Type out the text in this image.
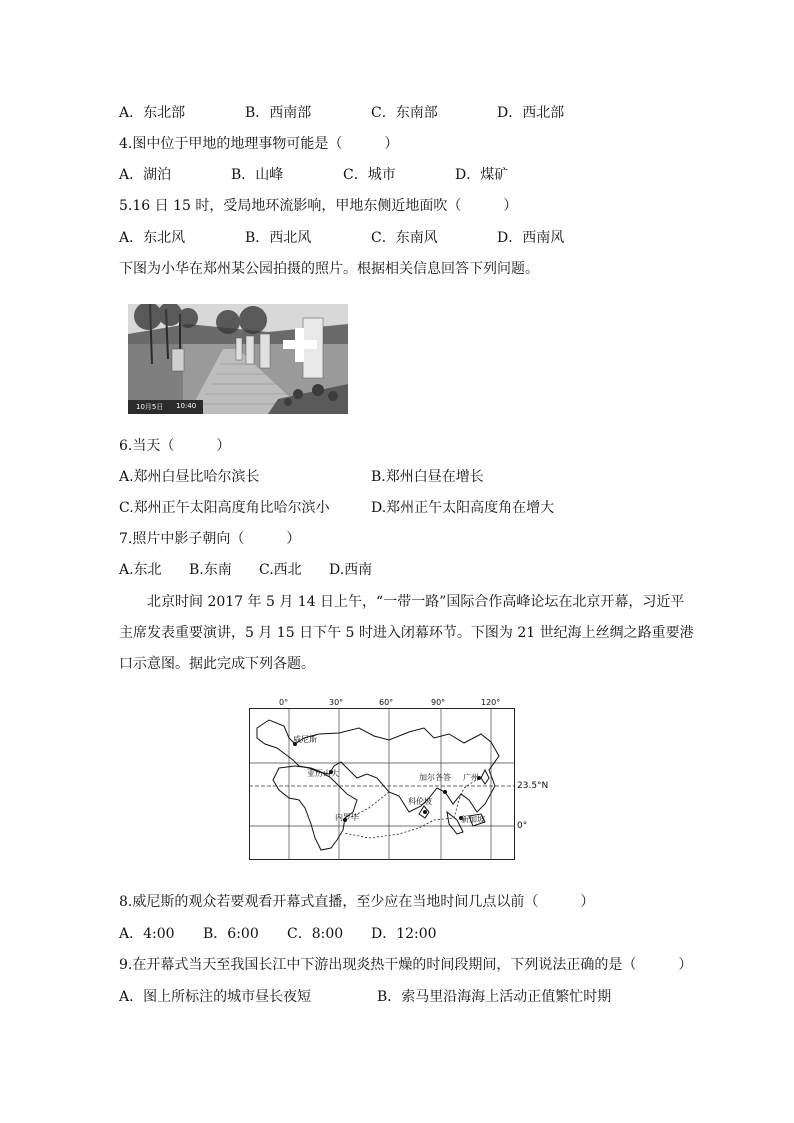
A．东北部	B．西南部	C．东南部	D．西北部
4.图中位于甲地的地理事物可能是（　　　）
A．湖泊	B．山峰	C．城市	D．煤矿
5.16 日 15 时，受局地环流影响，甲地东侧近地面吹（　　　）
A．东北风	B．西北风	C．东南风	D．西南风
下图为小华在郑州某公园拍摄的照片。根据相关信息回答下列问题。
10月5日 10:40
6.当天（　　　）
A.郑州白昼比哈尔滨长	B.郑州白昼在增长
C.郑州正午太阳高度角比哈尔滨小	D.郑州正午太阳高度角在增大
7.照片中影子朝向（　　　）
A.东北 B.东南 C.西北 D.西南
北京时间 2017 年 5 月 14 日上午，“一带一路”国际合作高峰论坛在北京开幕，习近平
主席发表重要演讲，5 月 15 日下午 5 时进入闭幕环节。下图为 21 世纪海上丝绸之路重要港
口示意图。据此完成下列各题。
威尼斯
亚历山大	加尔各答 广州
科伦坡
内罗毕	新加坡
0°	30°	60°	90°	120°
23.5°N
0°
8.威尼斯的观众若要观看开幕式直播，至少应在当地时间几点以前（　　　）
A．4:00 B．6:00 C．8:00 D．12:00
9.在开幕式当天至我国长江中下游出现炎热干燥的时间段期间，下列说法正确的是（　　　）
A．图上所标注的城市昼长夜短	B．索马里沿海海上活动正值繁忙时期
